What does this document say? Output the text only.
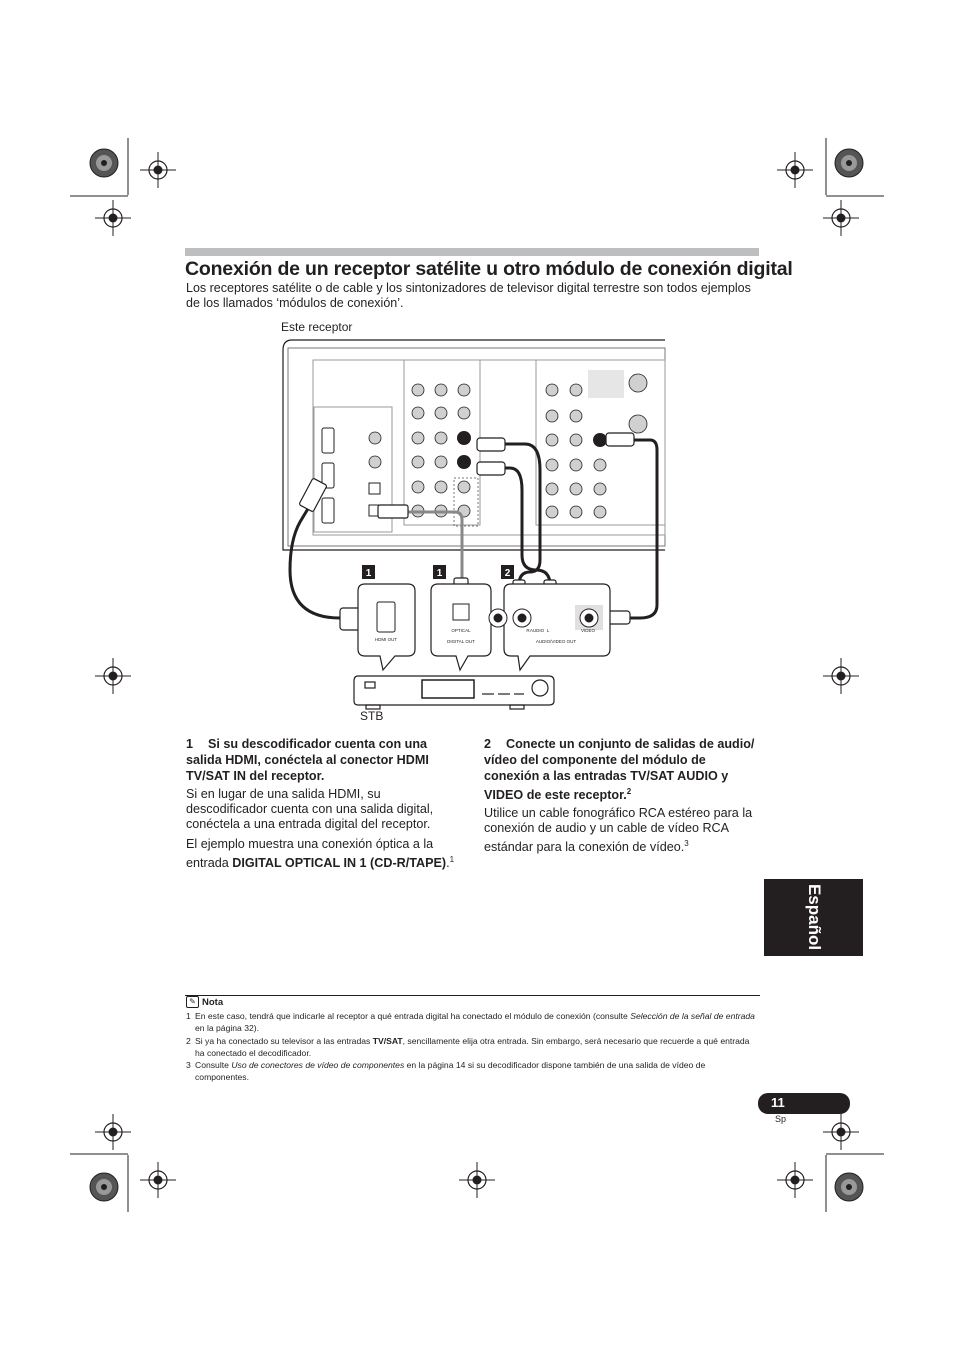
Conexión de un receptor satélite u otro módulo de conexión digital
Los receptores satélite o de cable y los sintonizadores de televisor digital terrestre son todos ejemplos de los llamados ‘módulos de conexión’.
HDMI OUT
OPTICAL
DIGITAL OUT
R AUDIO L	VIDEO
AUDIO/VIDEO OUT
1	1	2
Este receptor
STB
1 Si su descodificador cuenta con una salida HDMI, conéctela al conector HDMI TV/SAT IN del receptor.

Si en lugar de una salida HDMI, su descodificador cuenta con una salida digital, conéctela a una entrada digital del receptor.

El ejemplo muestra una conexión óptica a la entrada DIGITAL OPTICAL IN 1 (CD-R/TAPE).$^1$

2 Conecte un conjunto de salidas de audio/ vídeo del componente del módulo de conexión a las entradas TV/SAT AUDIO y VIDEO de este receptor.$^2$

Utilice un cable fonográfico RCA estéreo para la conexión de audio y un cable de vídeo RCA estándar para la conexión de vídeo.$^3$

Español
✎ Nota
1 En este caso, tendrá que indicarle al receptor a qué entrada digital ha conectado el módulo de conexión (consulte Selección de la señal de entrada en la página 32).
2 Si ya ha conectado su televisor a las entradas TV/SAT, sencillamente elija otra entrada. Sin embargo, será necesario que recuerde a qué entrada ha conectado el decodificador.
3 Consulte Uso de conectores de vídeo de componentes en la página 14 si su decodificador dispone también de una salida de vídeo de componentes.
11
Sp
